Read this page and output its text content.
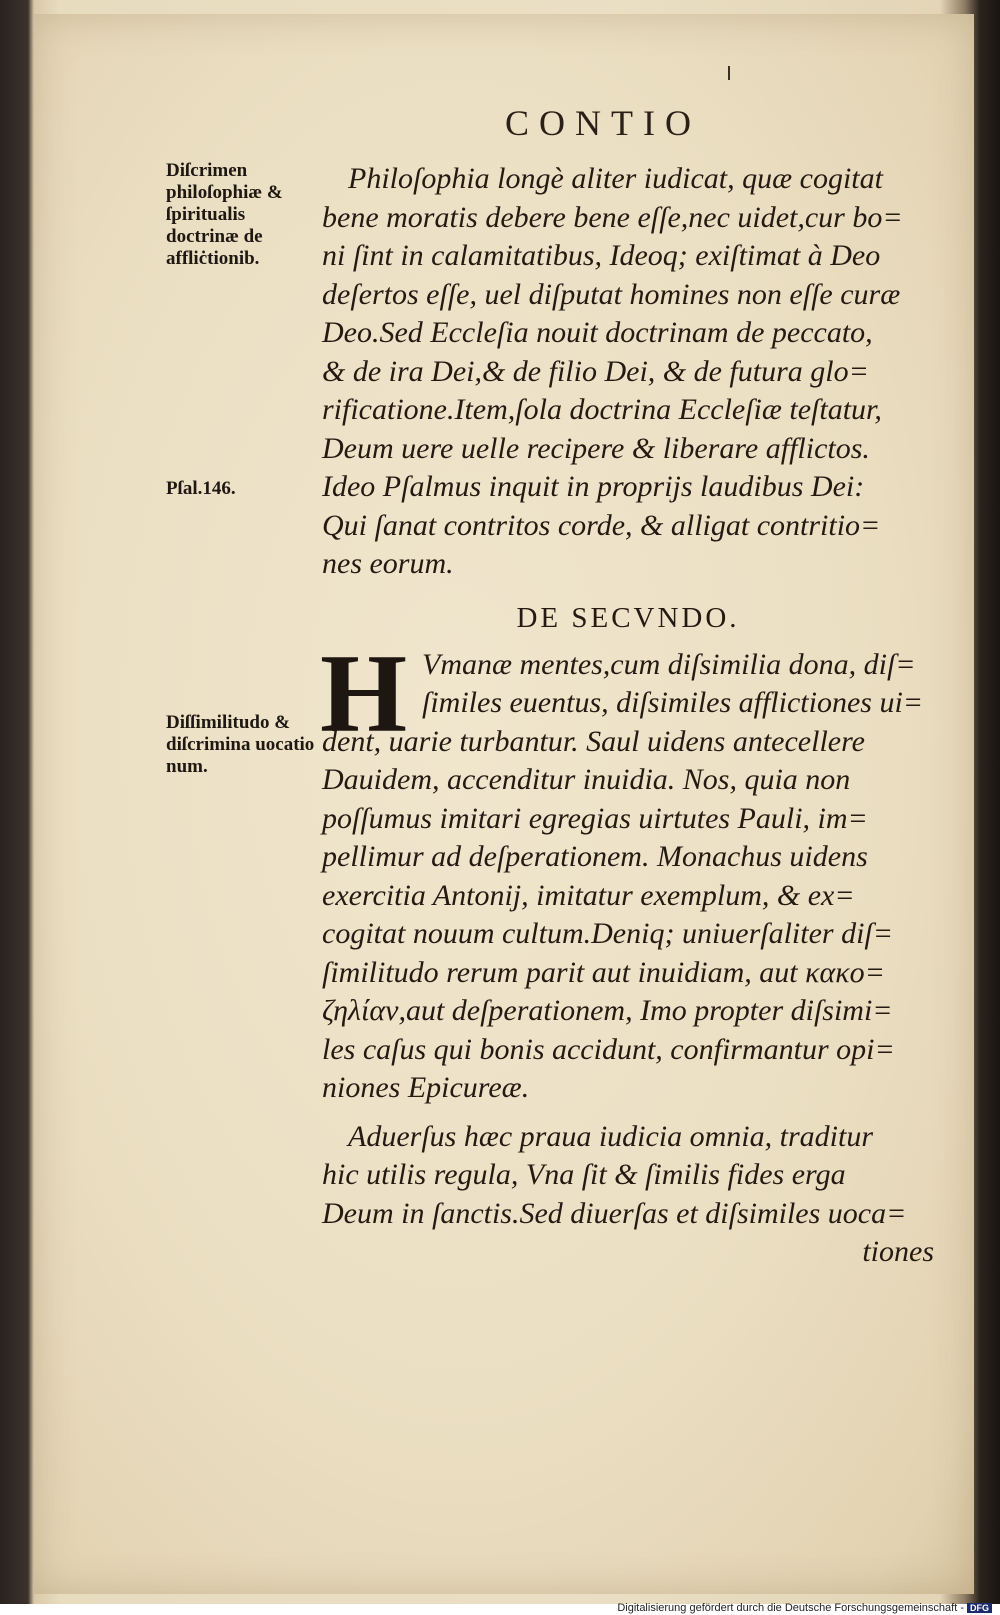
CONTIO
Diſcrimen philoſophiæ & ſpiritualis doctrinæ de affliċtionib.
Pſal.146.
Diſſimilitudo & diſcrimina uocatio num.
Philoſophia longè aliter iudicat, quæ cogitat
bene moratis debere bene eſſe,nec uidet,cur bo=
ni ſint in calamitatibus, Ideoq; exiſtimat à Deo
deſertos eſſe, uel diſputat homines non eſſe curæ
Deo.Sed Eccleſia nouit doctrinam de peccato,
& de ira Dei,& de filio Dei, & de futura glo=
rificatione.Item,ſola doctrina Eccleſiæ teſtatur,
Deum uere uelle recipere & liberare afflictos.
Ideo Pſalmus inquit in proprijs laudibus Dei:
Qui ſanat contritos corde, & alligat contritio=
nes eorum.
DE SECVNDO.
H Vmanæ mentes,cum diſsimilia dona, diſ=
ſimiles euentus, diſsimiles afflictiones ui=
dent, uarie turbantur. Saul uidens antecellere
Dauidem, accenditur inuidia. Nos, quia non
poſſumus imitari egregias uirtutes Pauli, im=
pellimur ad deſperationem. Monachus uidens
exercitia Antonij, imitatur exemplum, & ex=
cogitat nouum cultum.Deniq; uniuerſaliter diſ=
ſimilitudo rerum parit aut inuidiam, aut κακο=
ζηλίαν,aut deſperationem, Imo propter diſsimi=
les caſus qui bonis accidunt, confirmantur opi=
niones Epicureæ.
Aduerſus hæc praua iudicia omnia, traditur
hic utilis regula, Vna ſit & ſimilis fides erga
Deum in ſanctis.Sed diuerſas et diſsimiles uoca=
tiones
Digitalisierung gefördert durch die Deutsche Forschungsgemeinschaft - DFG
